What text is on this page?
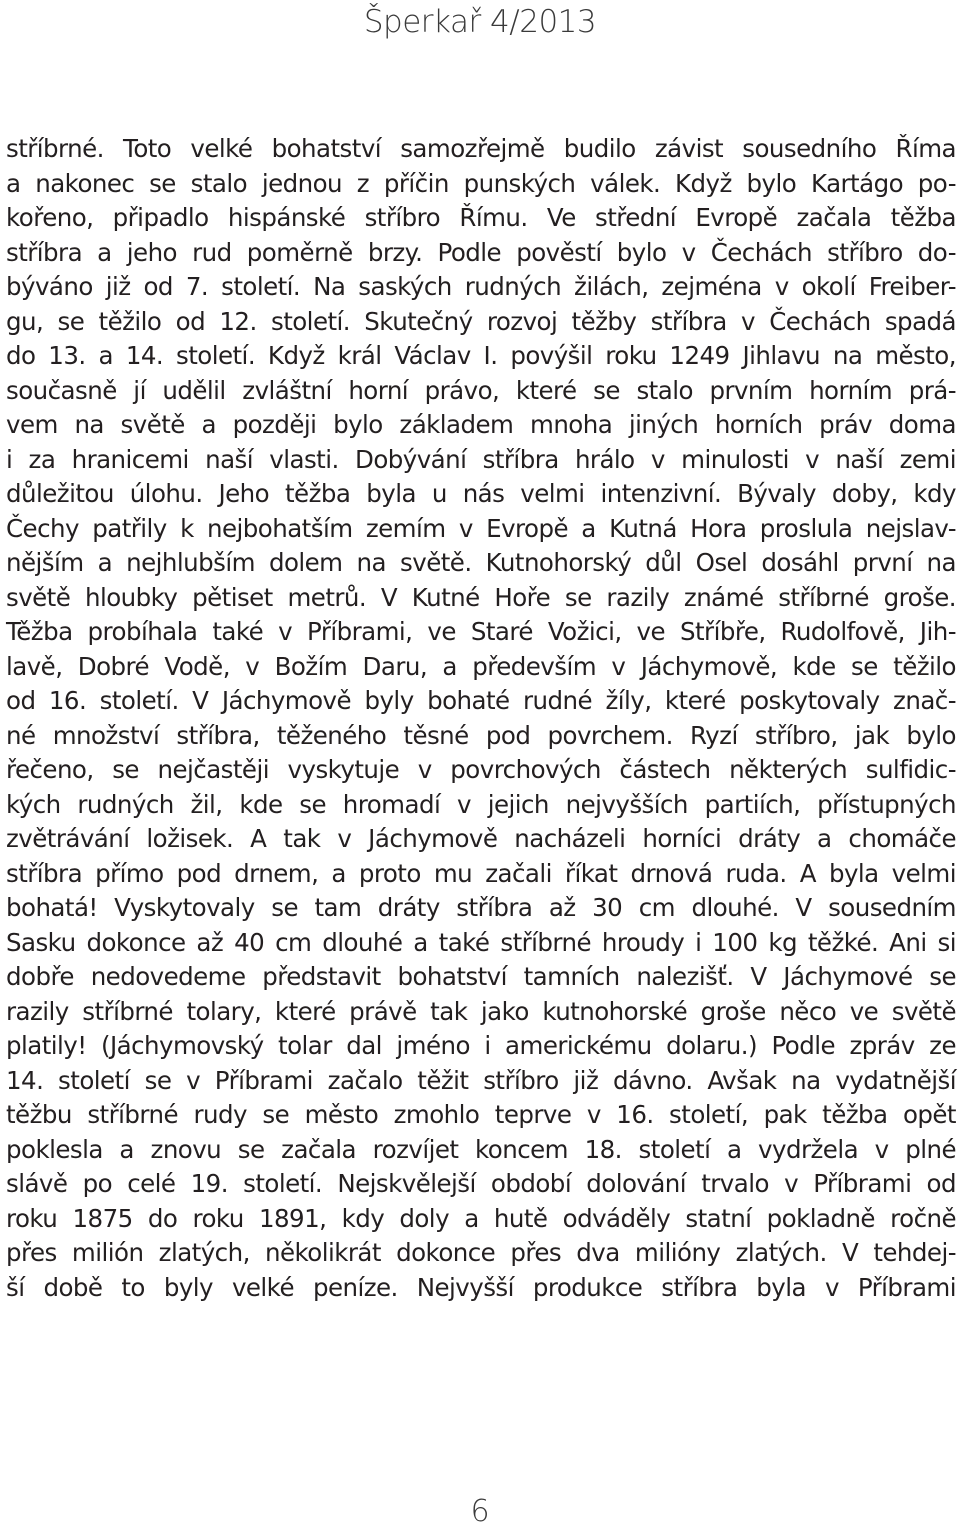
Šperkař 4/2013
stříbrné. Toto velké bohatství samozřejmě budilo závist sousedního Říma
a nakonec se stalo jednou z příčin punských válek. Když bylo Kartágo po-
kořeno, připadlo hispánské stříbro Římu. Ve střední Evropě začala těžba
stříbra a jeho rud poměrně brzy. Podle pověstí bylo v Čechách stříbro do-
býváno již od 7. století. Na saských rudných žilách, zejména v okolí Freiber-
gu, se těžilo od 12. století. Skutečný rozvoj těžby stříbra v Čechách spadá
do 13. a 14. století. Když král Václav I. povýšil roku 1249 Jihlavu na město,
současně jí udělil zvláštní horní právo, které se stalo prvním horním prá-
vem na světě a později bylo základem mnoha jiných horních práv doma
i za hranicemi naší vlasti. Dobývání stříbra hrálo v minulosti v naší zemi
důležitou úlohu. Jeho těžba byla u nás velmi intenzivní. Bývaly doby, kdy
Čechy patřily k nejbohatším zemím v Evropě a Kutná Hora proslula nejslav-
nějším a nejhlubším dolem na světě. Kutnohorský důl Osel dosáhl první na
světě hloubky pětiset metrů. V Kutné Hoře se razily známé stříbrné groše.
Těžba probíhala také v Příbrami, ve Staré Vožici, ve Stříbře, Rudolfově, Jih-
lavě, Dobré Vodě, v Božím Daru, a především v Jáchymově, kde se těžilo
od 16. století. V Jáchymově byly bohaté rudné žíly, které poskytovaly znač-
né množství stříbra, těženého těsné pod povrchem. Ryzí stříbro, jak bylo
řečeno, se nejčastěji vyskytuje v povrchových částech některých sulfidic-
kých rudných žil, kde se hromadí v jejich nejvyšších partiích, přístupných
zvětrávání ložisek. A tak v Jáchymově nacházeli horníci dráty a chomáče
stříbra přímo pod drnem, a proto mu začali říkat drnová ruda. A byla velmi
bohatá! Vyskytovaly se tam dráty stříbra až 30 cm dlouhé. V sousedním
Sasku dokonce až 40 cm dlouhé a také stříbrné hroudy i 100 kg těžké. Ani si
dobře nedovedeme představit bohatství tamních nalezišť. V Jáchymové se
razily stříbrné tolary, které právě tak jako kutnohorské groše něco ve světě
platily! (Jáchymovský tolar dal jméno i americkému dolaru.) Podle zpráv ze
14. století se v Příbrami začalo těžit stříbro již dávno. Avšak na vydatnější
těžbu stříbrné rudy se město zmohlo teprve v 16. století, pak těžba opět
poklesla a znovu se začala rozvíjet koncem 18. století a vydržela v plné
slávě po celé 19. století. Nejskvělejší období dolování trvalo v Příbrami od
roku 1875 do roku 1891, kdy doly a hutě odváděly statní pokladně ročně
přes milión zlatých, několikrát dokonce přes dva milióny zlatých. V tehdej-
ší době to byly velké peníze. Nejvyšší produkce stříbra byla v Příbrami
6
